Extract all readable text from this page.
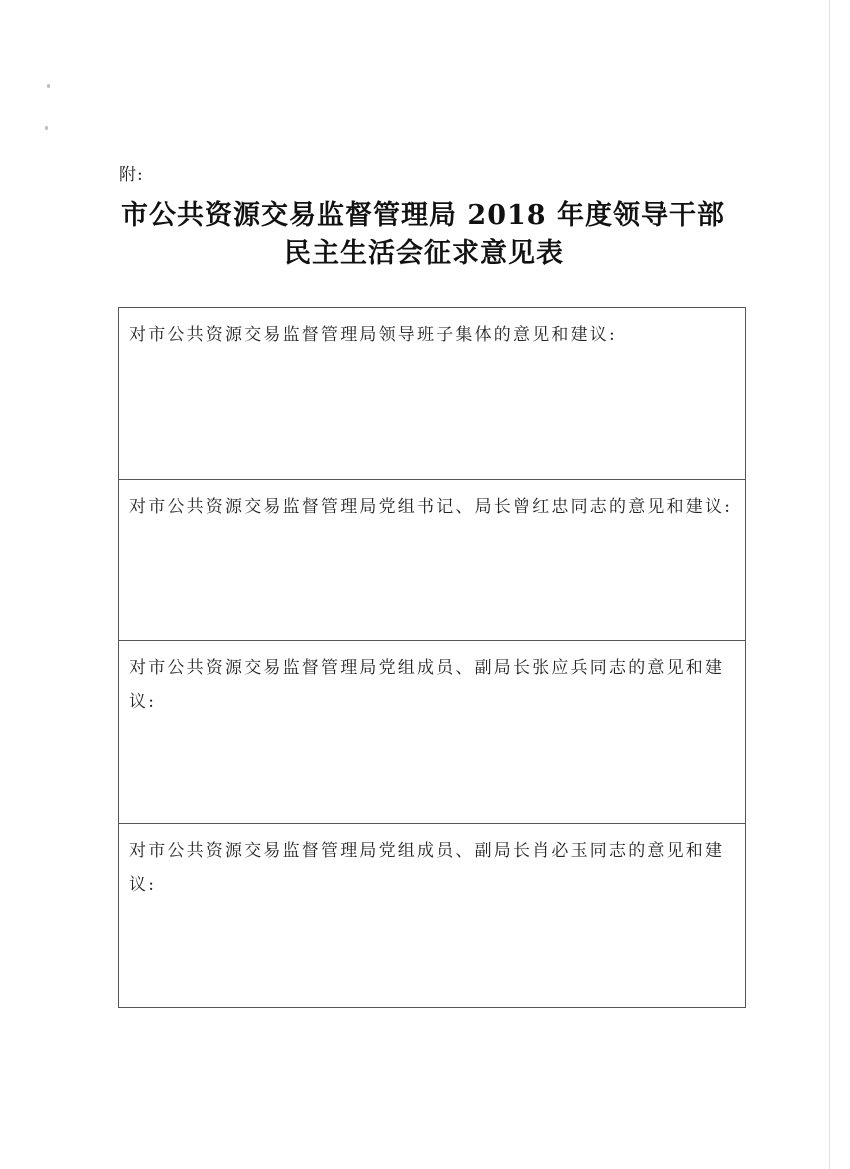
附:
市公共资源交易监督管理局 2018 年度领导干部
民主生活会征求意见表
对市公共资源交易监督管理局领导班子集体的意见和建议:
对市公共资源交易监督管理局党组书记、局长曾红忠同志的意见和建议:
对市公共资源交易监督管理局党组成员、副局长张应兵同志的意见和建议:
对市公共资源交易监督管理局党组成员、副局长肖必玉同志的意见和建议:
